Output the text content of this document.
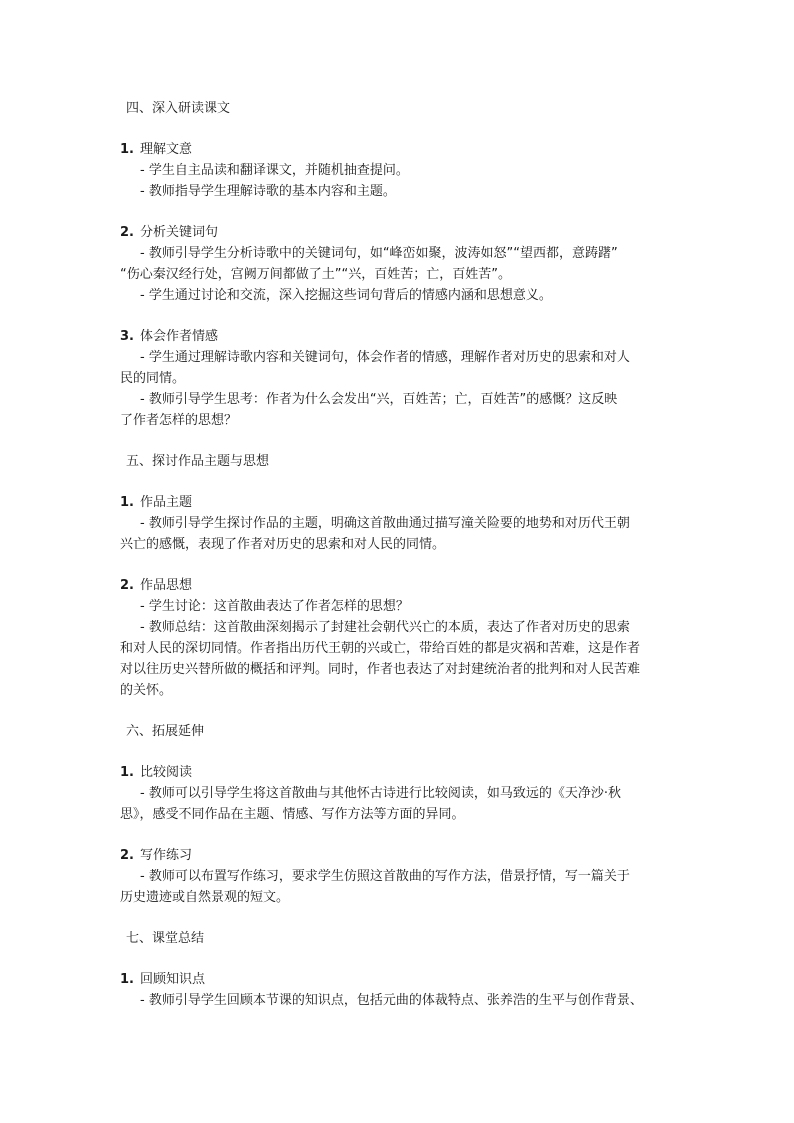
四、深入研读课文

1. 理解文意

- 学生自主品读和翻译课文，并随机抽查提问。

- 教师指导学生理解诗歌的基本内容和主题。

2. 分析关键词句

- 教师引导学生分析诗歌中的关键词句，如“峰峦如聚，波涛如怒”“望西都，意踌躇”

“伤心秦汉经行处，宫阙万间都做了土”“兴，百姓苦；亡，百姓苦”。

- 学生通过讨论和交流，深入挖掘这些词句背后的情感内涵和思想意义。

3. 体会作者情感

- 学生通过理解诗歌内容和关键词句，体会作者的情感，理解作者对历史的思索和对人

民的同情。

- 教师引导学生思考：作者为什么会发出“兴，百姓苦；亡，百姓苦”的感慨？这反映

了作者怎样的思想？

五、探讨作品主题与思想

1. 作品主题

- 教师引导学生探讨作品的主题，明确这首散曲通过描写潼关险要的地势和对历代王朝

兴亡的感慨，表现了作者对历史的思索和对人民的同情。

2. 作品思想

- 学生讨论：这首散曲表达了作者怎样的思想？

- 教师总结：这首散曲深刻揭示了封建社会朝代兴亡的本质，表达了作者对历史的思索

和对人民的深切同情。作者指出历代王朝的兴或亡，带给百姓的都是灾祸和苦难，这是作者

对以往历史兴替所做的概括和评判。同时，作者也表达了对封建统治者的批判和对人民苦难

的关怀。

六、拓展延伸

1. 比较阅读

- 教师可以引导学生将这首散曲与其他怀古诗进行比较阅读，如马致远的《天净沙·秋

思》，感受不同作品在主题、情感、写作方法等方面的异同。

2. 写作练习

- 教师可以布置写作练习，要求学生仿照这首散曲的写作方法，借景抒情，写一篇关于

历史遗迹或自然景观的短文。

七、课堂总结

1. 回顾知识点

- 教师引导学生回顾本节课的知识点，包括元曲的体裁特点、张养浩的生平与创作背景、
